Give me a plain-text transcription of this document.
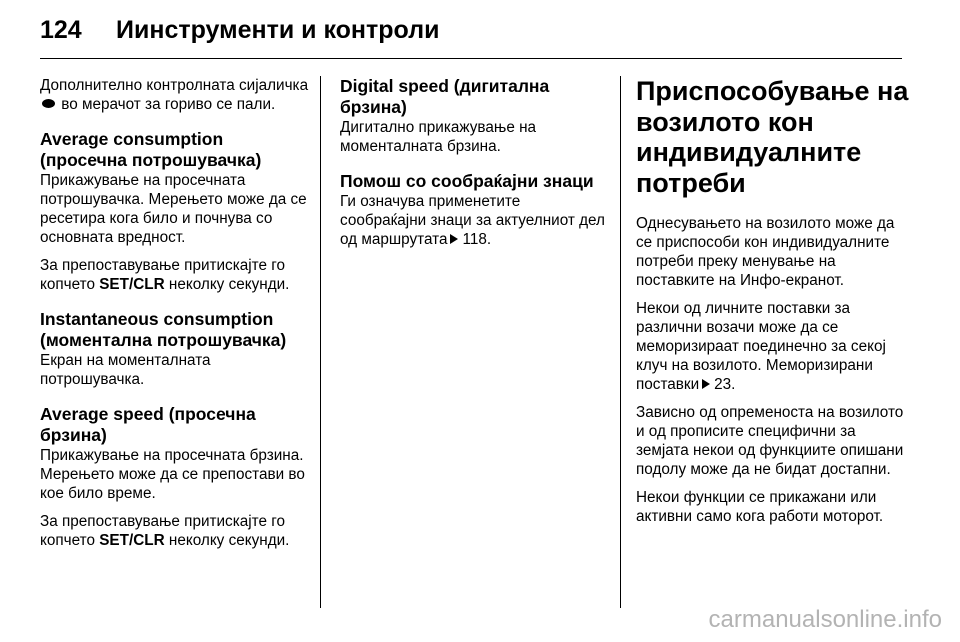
124	Иинструменти и контроли

Дополнително контролната сијаличка  во мерачот за гориво се пали.

Average consumption (просечна потрошувачка)

Прикажување на просечната потрошувачка. Мерењето може да се ресетира кога било и почнува со основната вредност.

За препоставување притискајте го копчето SET/CLR неколку секунди.

Instantaneous consumption (моментална потрошувачка)

Екран на моменталната потрошувачка.

Average speed (просечна брзина)

Прикажување на просечната брзина. Мерењето може да се препостави во кое било време.

За препоставување притискајте го копчето SET/CLR неколку секунди.

Digital speed (дигитална брзина)

Дигитално прикажување на моменталната брзина.

Помош со сообраќајни знаци

Ги означува применетите сообраќајни знаци за актуелниот дел од маршрутата 118.

Приспособување на возилото кон индивидуалните потреби

Однесувањето на возилото може да се приспособи кон индивидуалните потреби преку менување на поставките на Инфо-екранот.

Некои од личните поставки за различни возачи може да се меморизираат поединечно за секој клуч на возилото. Меморизирани поставки 23.

Зависно од опременоста на возилото и од прописите специфични за земјата некои од функциите опишани подолу може да не бидат достапни.

Некои функции се прикажани или активни само кога работи моторот.

carmanualsonline.info
